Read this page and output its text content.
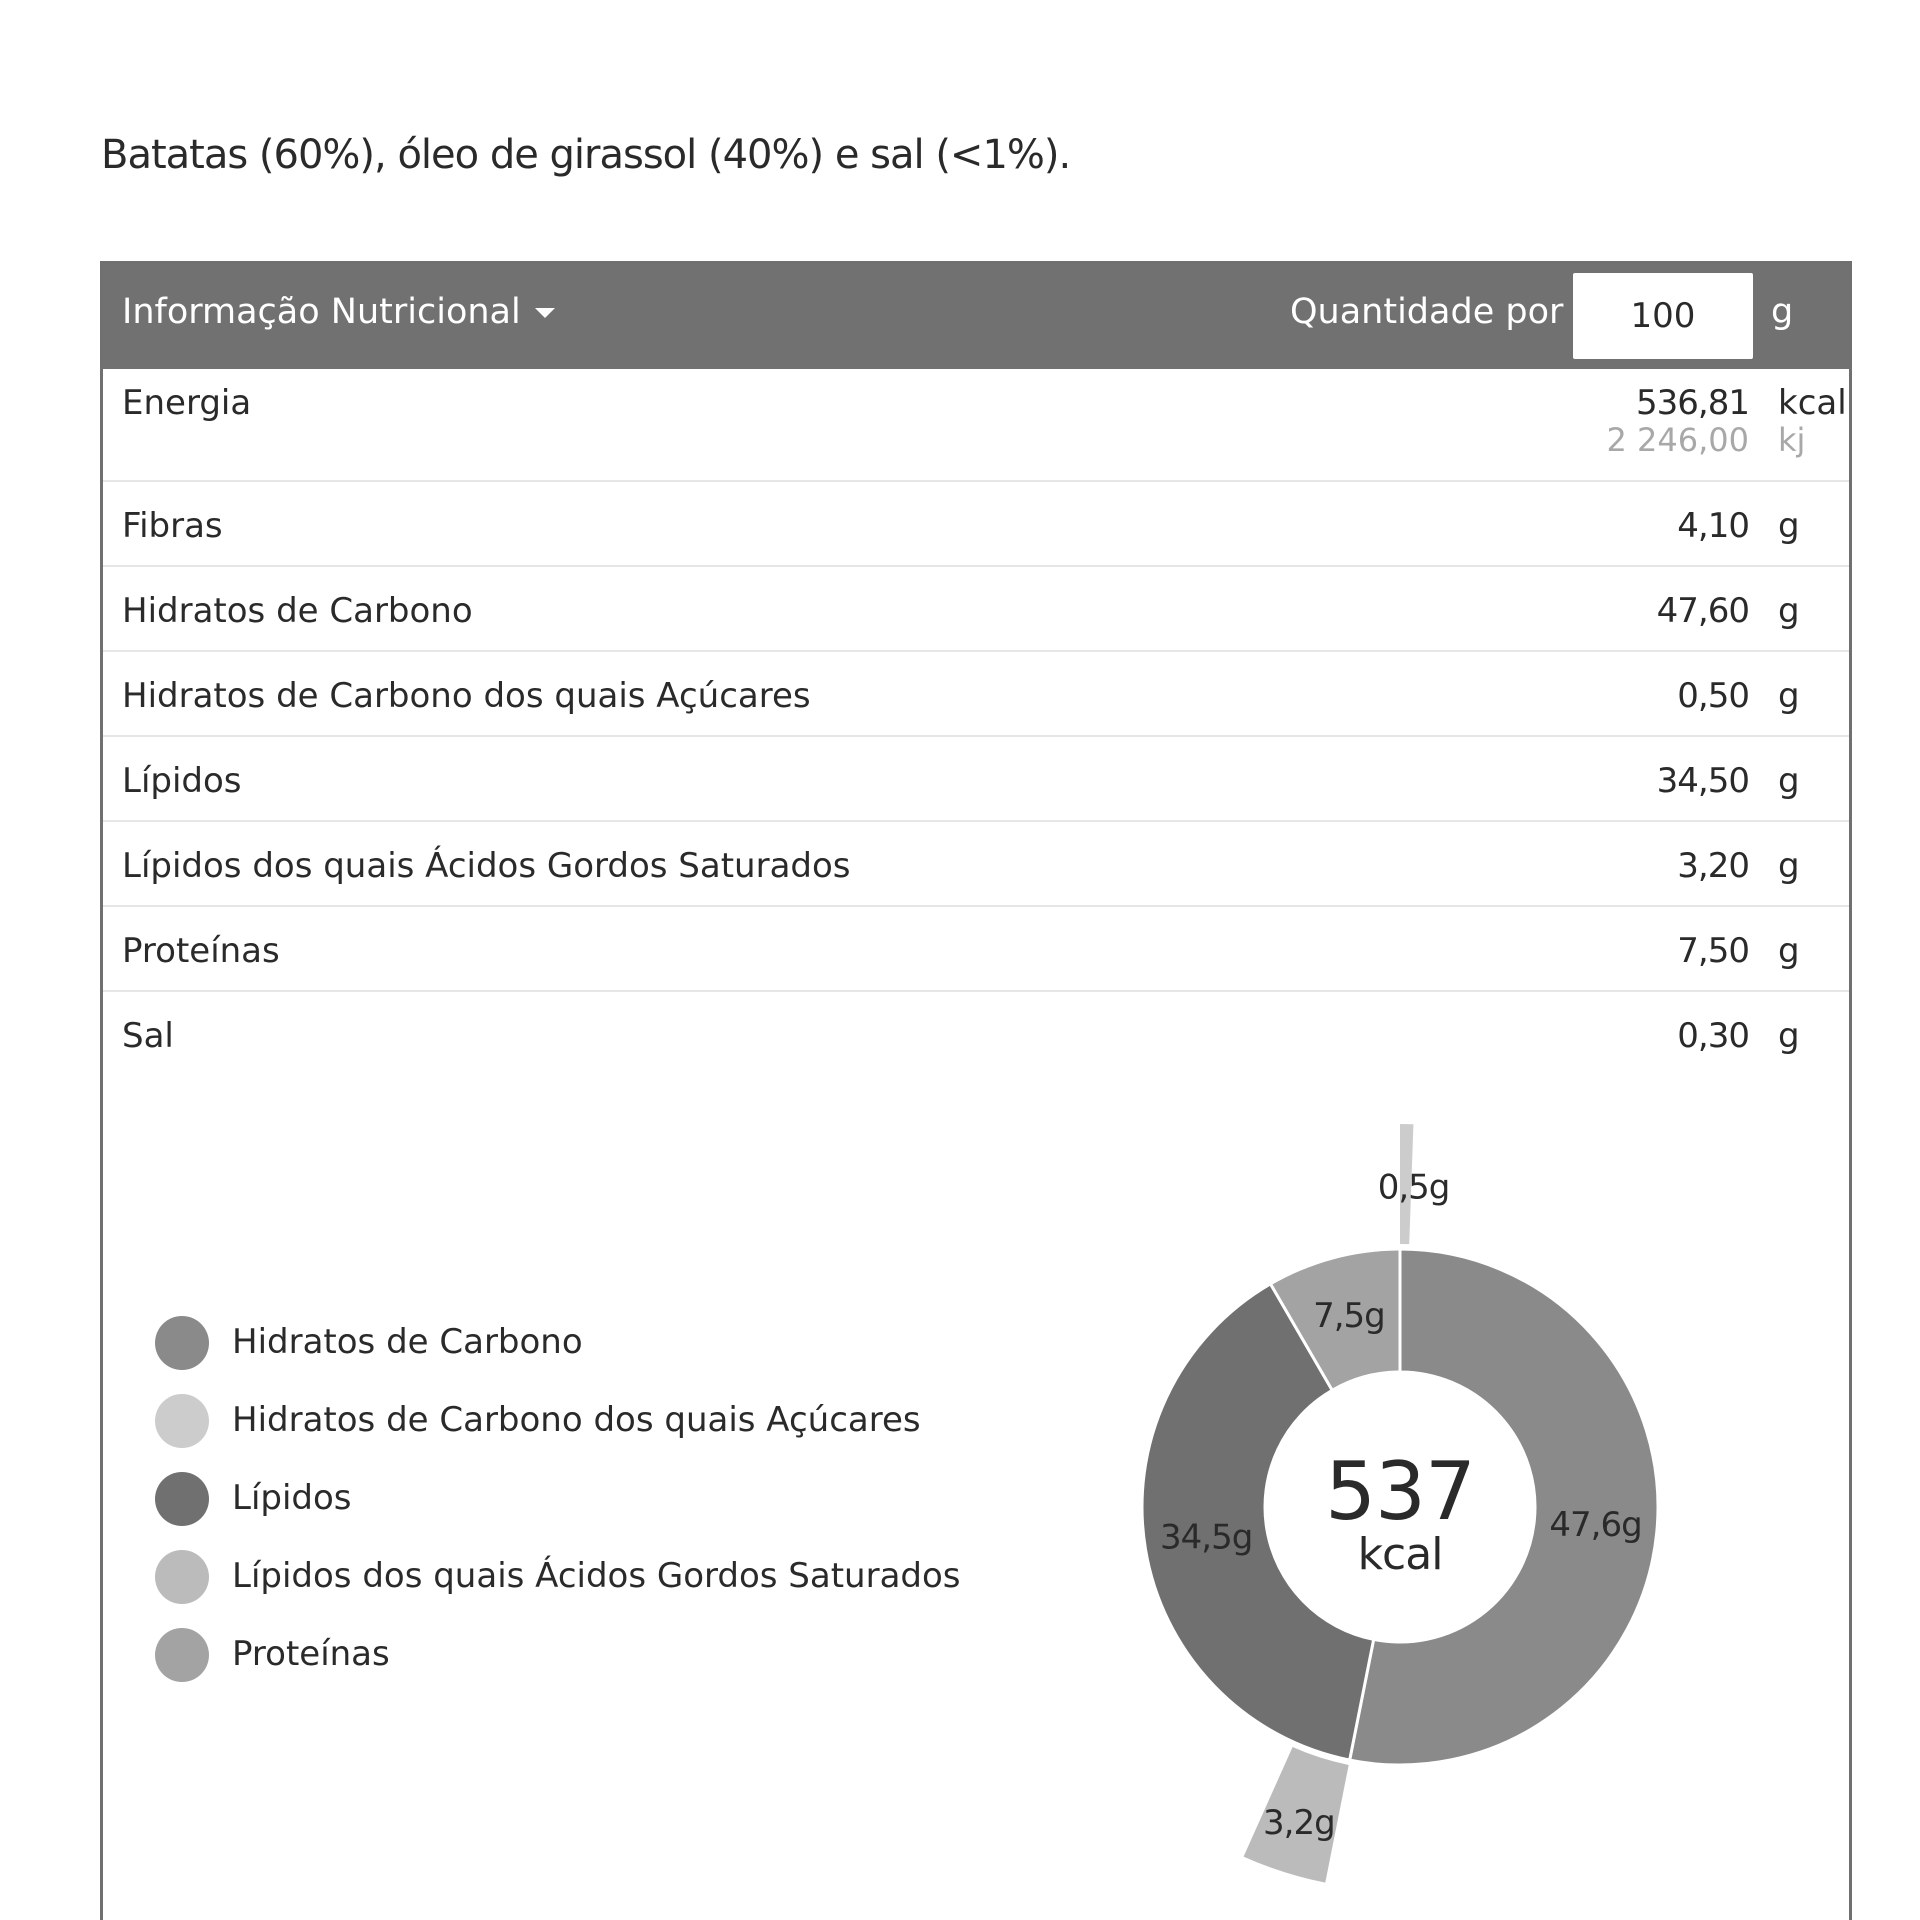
Batatas (60%), óleo de girassol (40%) e sal (<1%).
Informação Nutricional	Quantidade por
100	g
Energia	536,81 kcal
2 246,00 kj
Fibras	4,10 g
Hidratos de Carbono	47,60 g
Hidratos de Carbono dos quais Açúcares	0,50 g
Lípidos	34,50 g
Lípidos dos quais Ácidos Gordos Saturados	3,20 g
Proteínas	7,50 g
Sal	0,30 g
Hidratos de Carbono
Hidratos de Carbono dos quais Açúcares
Lípidos
Lípidos dos quais Ácidos Gordos Saturados
Proteínas
47,6g
34,5g
7,5g
0,5g
3,2g
537
kcal
